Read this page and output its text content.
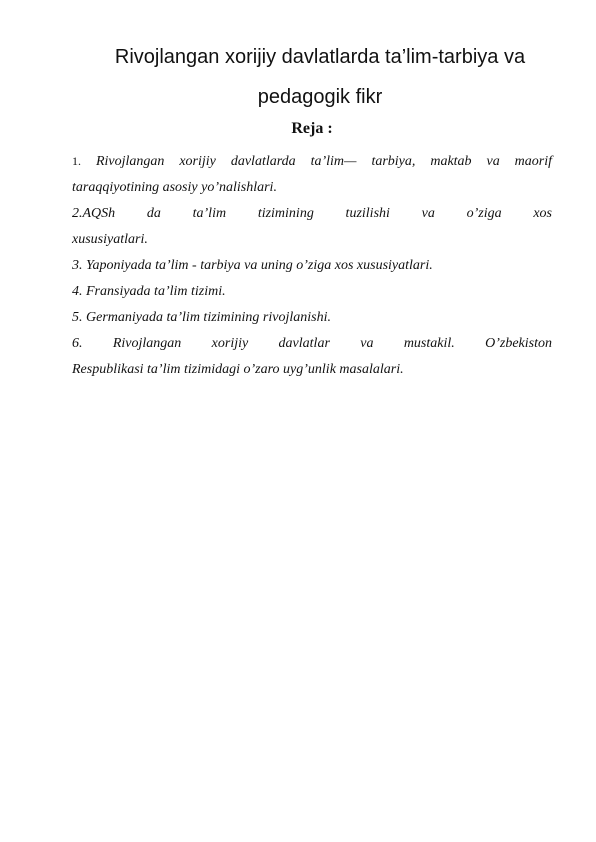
Rivojlangan xorijiy davlatlarda ta’lim-tarbiya va
pedagogik fikr
Reja :
1. Rivojlangan xorijiy davlatlarda ta’lim— tarbiya, maktab va maorif
taraqqiyotining asosiy yo’nalishlari.
2.AQSh da ta’lim tizimining tuzilishi va o’ziga xos
xususiyatlari.
3. Yaponiyada ta’lim - tarbiya va uning o’ziga xos xususiyatlari.
4. Fransiyada ta’lim tizimi.
5. Germaniyada ta’lim tizimining rivojlanishi.
6. Rivojlangan xorijiy davlatlar va mustakil. O’zbekiston
Respublikasi ta’lim tizimidagi o’zaro uyg’unlik masalalari.
